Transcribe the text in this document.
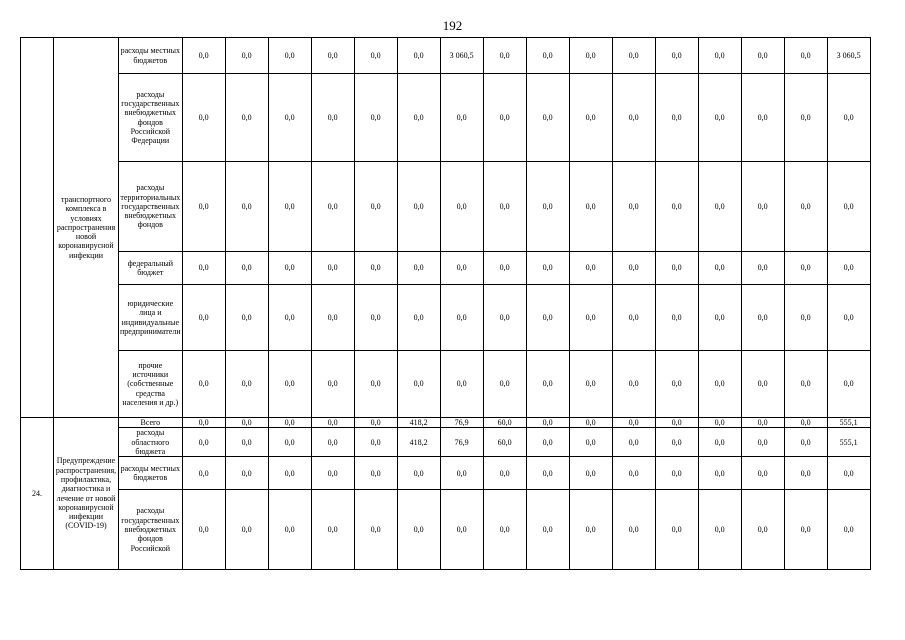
192
	транспортного комплекса в условиях распространения новой коронавирусной инфекции	расходы местных бюджетов	0,0	0,0	0,0	0,0	0,0	0,0	3 060,5	0,0	0,0	0,0	0,0	0,0	0,0	0,0	0,0	3 060,5
		расходы государственных внебюджетных фондов Российской Федерации	0,0	0,0	0,0	0,0	0,0	0,0	0,0	0,0	0,0	0,0	0,0	0,0	0,0	0,0	0,0	0,0
		расходы территориальных государственных внебюджетных фондов	0,0	0,0	0,0	0,0	0,0	0,0	0,0	0,0	0,0	0,0	0,0	0,0	0,0	0,0	0,0	0,0
		федеральный бюджет	0,0	0,0	0,0	0,0	0,0	0,0	0,0	0,0	0,0	0,0	0,0	0,0	0,0	0,0	0,0	0,0
		юридические лица и индивидуальные предприниматели	0,0	0,0	0,0	0,0	0,0	0,0	0,0	0,0	0,0	0,0	0,0	0,0	0,0	0,0	0,0	0,0
		прочие источники (собственные средства населения и др.)	0,0	0,0	0,0	0,0	0,0	0,0	0,0	0,0	0,0	0,0	0,0	0,0	0,0	0,0	0,0	0,0
24.	Предупреждение распространения, профилактика, диагностика и лечение от новой коронавирусной инфекции (COVID-19)	Всего	0,0	0,0	0,0	0,0	0,0	418,2	76,9	60,0	0,0	0,0	0,0	0,0	0,0	0,0	0,0	555,1
		расходы областного бюджета	0,0	0,0	0,0	0,0	0,0	418,2	76,9	60,0	0,0	0,0	0,0	0,0	0,0	0,0	0,0	555,1
		расходы местных бюджетов	0,0	0,0	0,0	0,0	0,0	0,0	0,0	0,0	0,0	0,0	0,0	0,0	0,0	0,0	0,0	0,0
		расходы государственных внебюджетных фондов Российской	0,0	0,0	0,0	0,0	0,0	0,0	0,0	0,0	0,0	0,0	0,0	0,0	0,0	0,0	0,0	0,0
